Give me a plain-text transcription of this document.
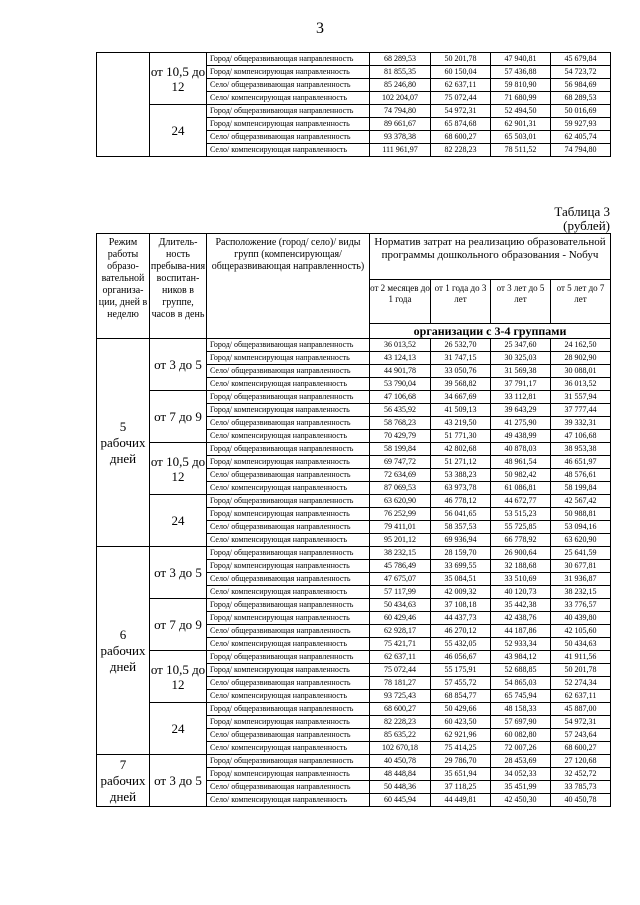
3
	от 10,5 до 12	Город/ общеразвивающая направленность	68 289,53	50 201,78	47 940,81	45 679,84
		Город/ компенсирующая направленность	81 855,35	60 150,04	57 436,88	54 723,72
		Село/ общеразвивающая направленность	85 246,80	62 637,11	59 810,90	56 984,69
		Село/ компенсирующая направленность	102 204,07	75 072,44	71 680,99	68 289,53
	24	Город/ общеразвивающая направленность	74 794,80	54 972,31	52 494,50	50 016,69
		Город/ компенсирующая направленность	89 661,67	65 874,68	62 901,31	59 927,93
		Село/ общеразвивающая направленность	93 378,38	68 600,27	65 503,01	62 405,74
		Село/ компенсирующая направленность	111 961,97	82 228,23	78 511,52	74 794,80
Таблица 3
(рублей)
Режим работы образо-вательной организа-ции, дней в неделю	Длитель-ность пребыва-ния воспитан-ников в группе, часов в день	Расположение (город/ село)/ виды групп (компенсирующая/ общеразвивающая направленность)	Норматив затрат на реализацию образовательной программы дошкольного образования - Nобуч			
			от 2 месяцев до 1 года	от 1 года до 3 лет	от 3 лет до 5 лет	от 5 лет до 7 лет
			организации с 3-4 группами			
5 рабочих дней	от 3 до 5	Город/ общеразвивающая направленность	36 013,52	26 532,70	25 347,60	24 162,50
		Город/ компенсирующая направленность	43 124,13	31 747,15	30 325,03	28 902,90
		Село/ общеразвивающая направленность	44 901,78	33 050,76	31 569,38	30 088,01
		Село/ компенсирующая направленность	53 790,04	39 568,82	37 791,17	36 013,52
	от 7 до 9	Город/ общеразвивающая направленность	47 106,68	34 667,69	33 112,81	31 557,94
		Город/ компенсирующая направленность	56 435,92	41 509,13	39 643,29	37 777,44
		Село/ общеразвивающая направленность	58 768,23	43 219,50	41 275,90	39 332,31
		Село/ компенсирующая направленность	70 429,79	51 771,30	49 438,99	47 106,68
	от 10,5 до 12	Город/ общеразвивающая направленность	58 199,84	42 802,68	40 878,03	38 953,38
		Город/ компенсирующая направленность	69 747,72	51 271,12	48 961,54	46 651,97
		Село/ общеразвивающая направленность	72 634,69	53 388,23	50 982,42	48 576,61
		Село/ компенсирующая направленность	87 069,53	63 973,78	61 086,81	58 199,84
	24	Город/ общеразвивающая направленность	63 620,90	46 778,12	44 672,77	42 567,42
		Город/ компенсирующая направленность	76 252,99	56 041,65	53 515,23	50 988,81
		Село/ общеразвивающая направленность	79 411,01	58 357,53	55 725,85	53 094,16
		Село/ компенсирующая направленность	95 201,12	69 936,94	66 778,92	63 620,90
6 рабочих дней	от 3 до 5	Город/ общеразвивающая направленность	38 232,15	28 159,70	26 900,64	25 641,59
		Город/ компенсирующая направленность	45 786,49	33 699,55	32 188,68	30 677,81
		Село/ общеразвивающая направленность	47 675,07	35 084,51	33 510,69	31 936,87
		Село/ компенсирующая направленность	57 117,99	42 009,32	40 120,73	38 232,15
	от 7 до 9	Город/ общеразвивающая направленность	50 434,63	37 108,18	35 442,38	33 776,57
		Город/ компенсирующая направленность	60 429,46	44 437,73	42 438,76	40 439,80
		Село/ общеразвивающая направленность	62 928,17	46 270,12	44 187,86	42 105,60
		Село/ компенсирующая направленность	75 421,71	55 432,05	52 933,34	50 434,63
	от 10,5 до 12	Город/ общеразвивающая направленность	62 637,11	46 056,67	43 984,12	41 911,56
		Город/ компенсирующая направленность	75 072,44	55 175,91	52 688,85	50 201,78
		Село/ общеразвивающая направленность	78 181,27	57 455,72	54 865,03	52 274,34
		Село/ компенсирующая направленность	93 725,43	68 854,77	65 745,94	62 637,11
	24	Город/ общеразвивающая направленность	68 600,27	50 429,66	48 158,33	45 887,00
		Город/ компенсирующая направленность	82 228,23	60 423,50	57 697,90	54 972,31
		Село/ общеразвивающая направленность	85 635,22	62 921,96	60 082,80	57 243,64
		Село/ компенсирующая направленность	102 670,18	75 414,25	72 007,26	68 600,27
7 рабочих дней	от 3 до 5	Город/ общеразвивающая направленность	40 450,78	29 786,70	28 453,69	27 120,68
		Город/ компенсирующая направленность	48 448,84	35 651,94	34 052,33	32 452,72
		Село/ общеразвивающая направленность	50 448,36	37 118,25	35 451,99	33 785,73
		Село/ компенсирующая направленность	60 445,94	44 449,81	42 450,30	40 450,78
